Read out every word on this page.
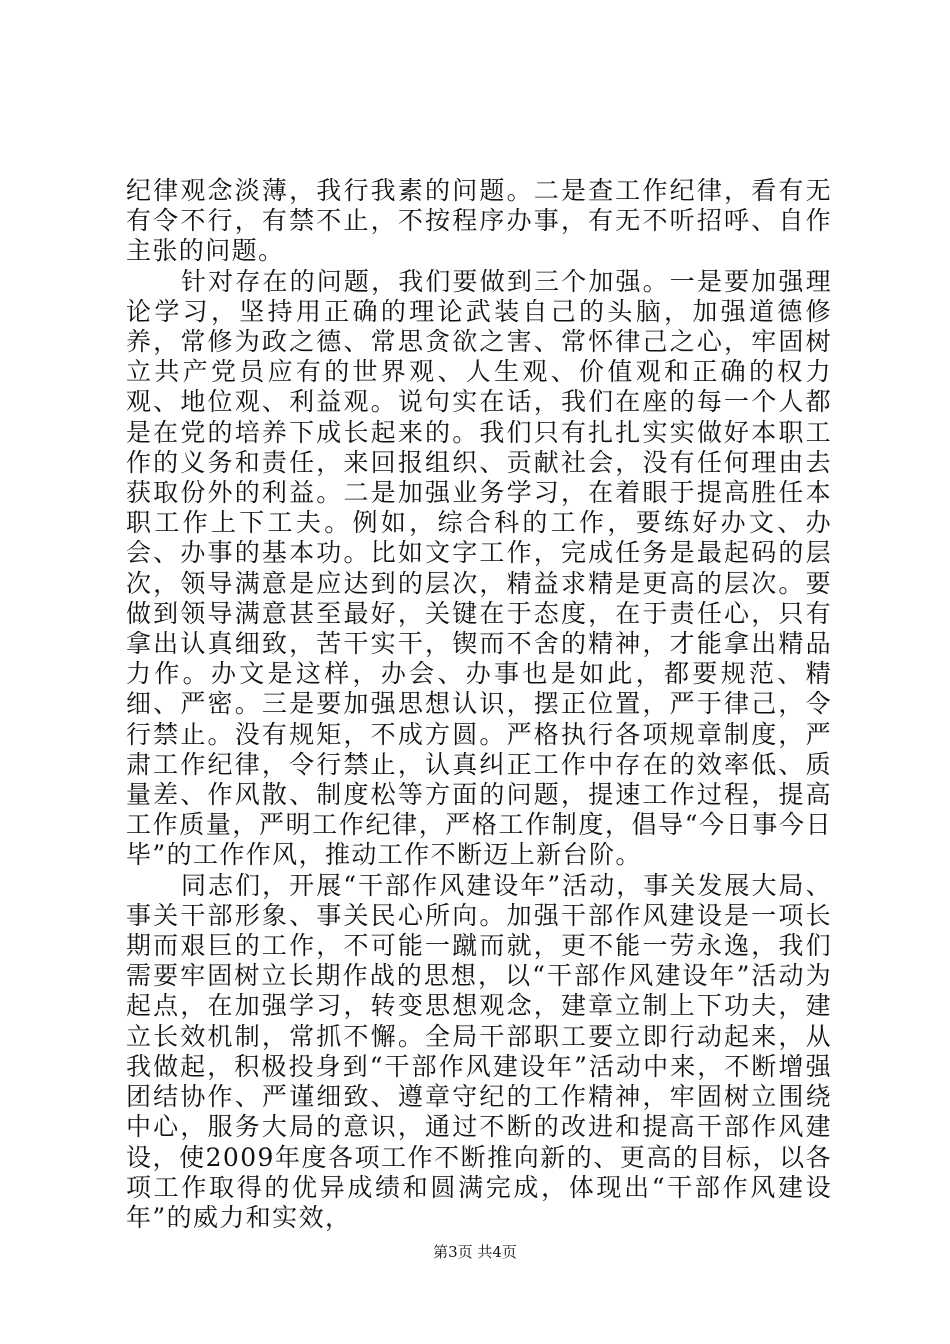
纪律观念淡薄，我行我素的问题。二是查工作纪律，看有无有令不行，有禁不止，不按程序办事，有无不听招呼、自作主张的问题。

针对存在的问题，我们要做到三个加强。一是要加强理论学习，坚持用正确的理论武装自己的头脑，加强道德修养，常修为政之德、常思贪欲之害、常怀律己之心，牢固树立共产党员应有的世界观、人生观、价值观和正确的权力观、地位观、利益观。说句实在话，我们在座的每一个人都是在党的培养下成长起来的。我们只有扎扎实实做好本职工作的义务和责任，来回报组织、贡献社会，没有任何理由去获取份外的利益。二是加强业务学习，在着眼于提高胜任本职工作上下工夫。例如，综合科的工作，要练好办文、办会、办事的基本功。比如文字工作，完成任务是最起码的层次，领导满意是应达到的层次，精益求精是更高的层次。要做到领导满意甚至最好，关键在于态度，在于责任心，只有拿出认真细致，苦干实干，锲而不舍的精神，才能拿出精品力作。办文是这样，办会、办事也是如此，都要规范、精细、严密。三是要加强思想认识，摆正位置，严于律己，令行禁止。没有规矩，不成方圆。严格执行各项规章制度，严肃工作纪律，令行禁止，认真纠正工作中存在的效率低、质量差、作风散、制度松等方面的问题，提速工作过程，提高工作质量，严明工作纪律，严格工作制度，倡导“今日事今日毕”的工作作风，推动工作不断迈上新台阶。

同志们，开展“干部作风建设年”活动，事关发展大局、事关干部形象、事关民心所向。加强干部作风建设是一项长期而艰巨的工作，不可能一蹴而就，更不能一劳永逸，我们需要牢固树立长期作战的思想，以“干部作风建设年”活动为起点，在加强学习，转变思想观念，建章立制上下功夫，建立长效机制，常抓不懈。全局干部职工要立即行动起来，从我做起，积极投身到“干部作风建设年”活动中来，不断增强团结协作、严谨细致、遵章守纪的工作精神，牢固树立围绕中心，服务大局的意识，通过不断的改进和提高干部作风建设，使2009年度各项工作不断推向新的、更高的目标，以各项工作取得的优异成绩和圆满完成，体现出“干部作风建设年”的威力和实效，

第3页 共4页
